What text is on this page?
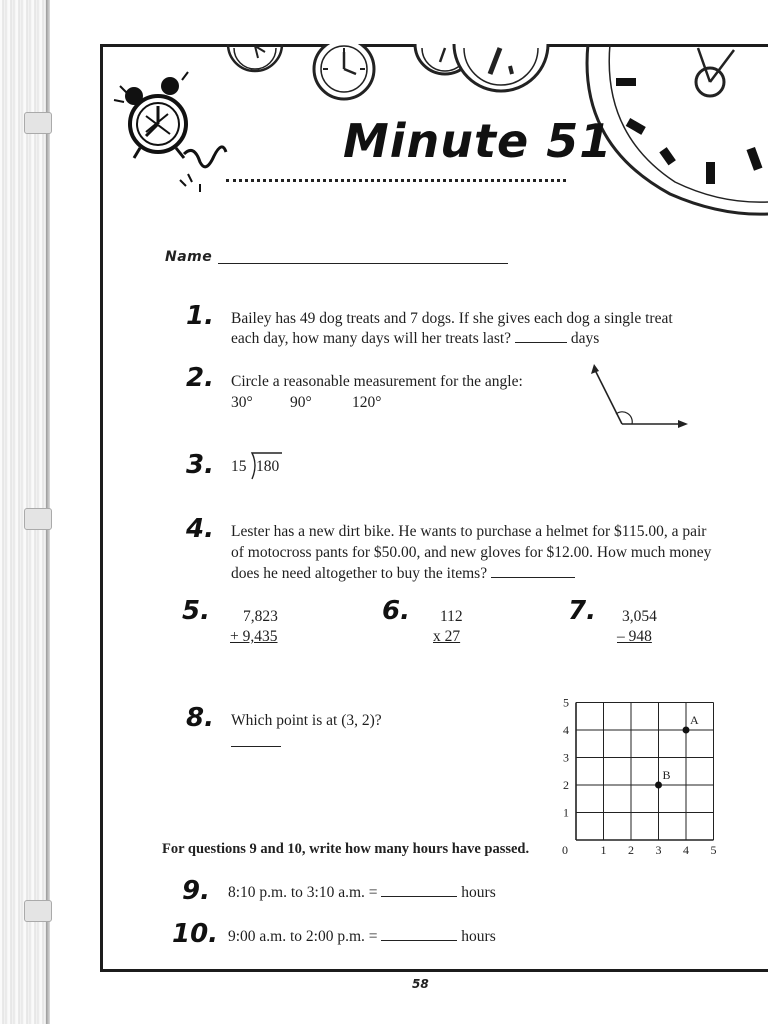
Minute 51
Name
1. Bailey has 49 dog treats and 7 dogs. If she gives each dog a single treat
each day, how many days will her treats last?	days
2. Circle a reasonable measurement for the angle:
30° 90°	120°
3. 15 180
4. Lester has a new dirt bike. He wants to purchase a helmet for $115.00, a pair
of motocross pants for $50.00, and new gloves for $12.00. How much money
does he need altogether to buy the items?
5. 7,823
+ 9,435
6. 112
x 27
7. 3,054
– 948
8. Which point is at (3, 2)?
0	1 2 3 4 5
1
2
3
4
5
A
B
For questions 9 and 10, write how many hours have passed.
9. 8:10 p.m. to 3:10 a.m. =	hours
10. 9:00 a.m. to 2:00 p.m. =	hours
58
